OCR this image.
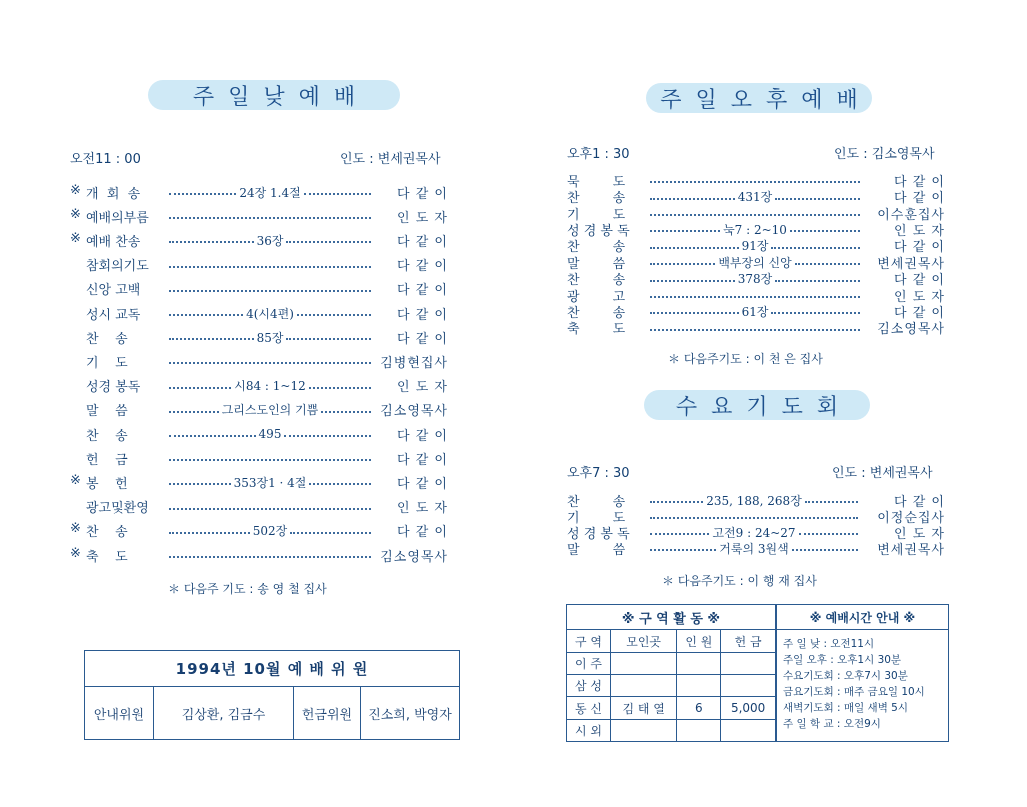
주일낮예배
오전11 : 00	인도 : 변세권목사
※ 개  회  송	24장 1.4절	다 같 이
※ 예배의부름	인 도 자
※ 예배 찬송	36장	다 같 이
참회의기도	다 같 이
신앙 고백	다 같 이
성시 교독	4(시4편)	다 같 이
찬    송	85장	다 같 이
기    도	김병현집사
성경 봉독	시84 : 1~12	인 도 자
말    씀	그리스도인의 기쁨	김소영목사
찬    송	495	다 같 이
헌    금	다 같 이
※ 봉    헌	353장1 · 4절	다 같 이
광고및환영	인 도 자
※ 찬    송	502장	다 같 이
※ 축    도	김소영목사
＊ 다음주 기도 : 송 영 철 집사
1994년 10월 예 배 위 원
안내위원	김상환, 김금수	헌금위원	진소희, 박영자
주일오후예배
오후1 : 30	인도 : 김소영목사
묵        도	다 같 이
찬        송	431장	다 같 이
기        도	이수훈집사
성 경 봉 독	눅7 : 2~10	인 도 자
찬        송	91장	다 같 이
말        씀	백부장의 신앙	변세권목사
찬        송	378장	다 같 이
광        고	인 도 자
찬        송	61장	다 같 이
축        도	김소영목사
＊ 다음주기도 : 이 천 은 집사
수요기도회
오후7 : 30	인도 : 변세권목사
찬        송	235, 188, 268장	다 같 이
기        도	이정순집사
성 경 봉 독	고전9 : 24~27	인 도 자
말        씀	거룩의 3원색	변세권목사
＊ 다음주기도 : 이 행 재 집사
※ 구 역 활 동 ※			
구 역	모인곳	인 원	헌 금
이 주			
삼 성			
동 신	김 태 열	6	5,000
시 외			
※ 예배시간 안내 ※
주 일 낮 : 오전11시
주일 오후 : 오후1시 30분
수요기도회 : 오후7시 30분
금요기도회 : 매주 금요일 10시
새벽기도회 : 매일 새벽 5시
주 일 학 교 : 오전9시
